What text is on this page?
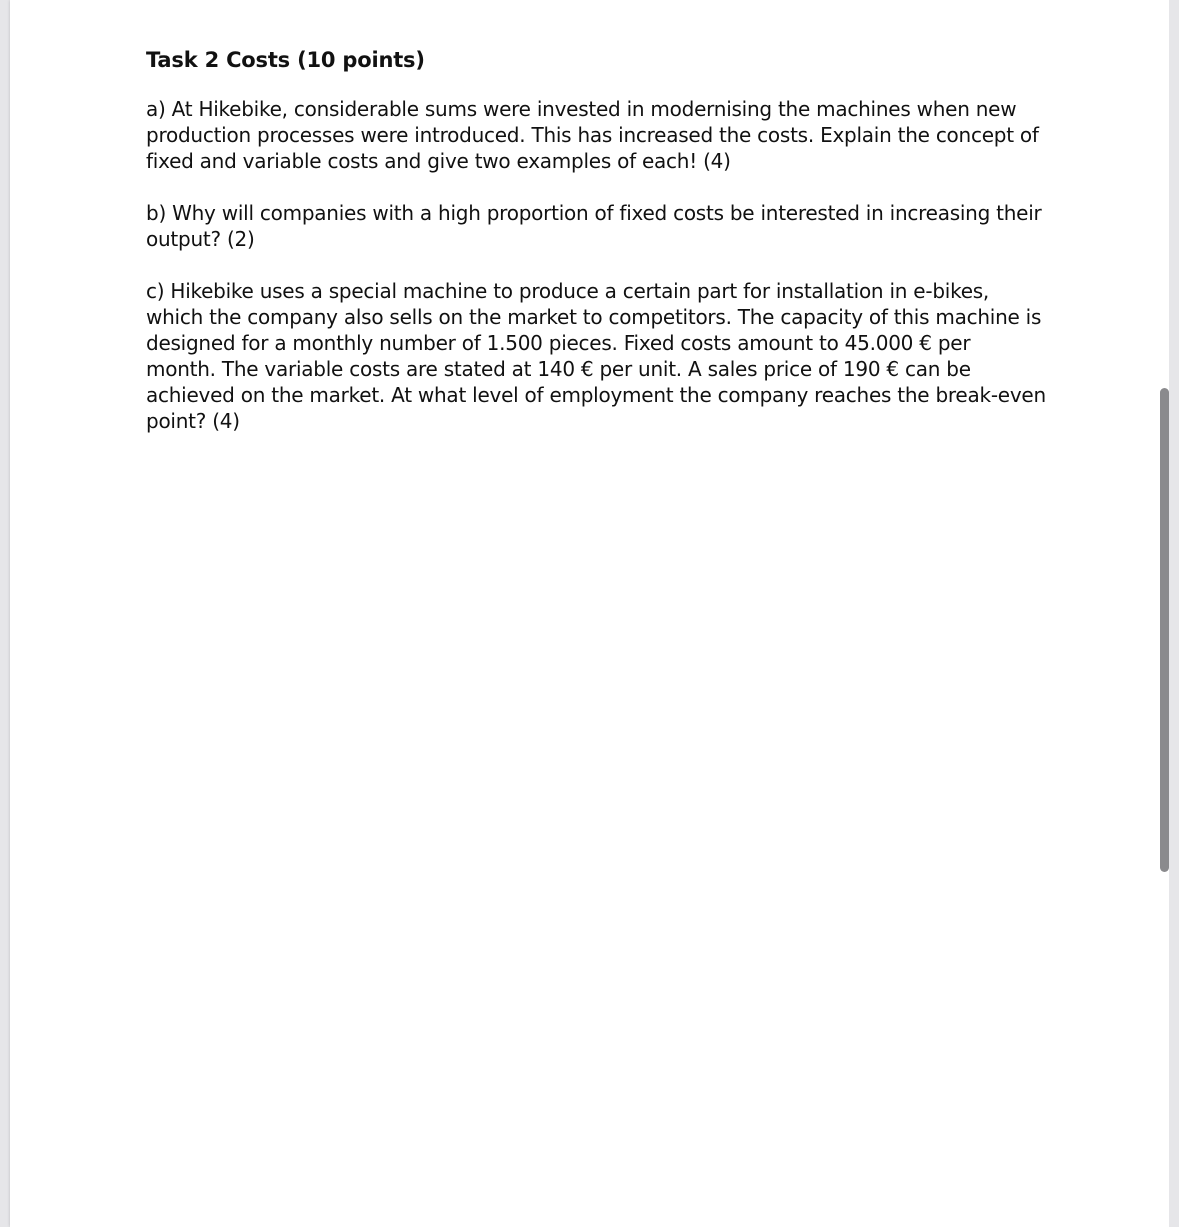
Task 2 Costs (10 points)

a) At Hikebike, considerable sums were invested in modernising the machines when new production processes were introduced. This has increased the costs. Explain the concept of fixed and variable costs and give two examples of each! (4)

b) Why will companies with a high proportion of fixed costs be interested in increasing their output? (2)

c) Hikebike uses a special machine to produce a certain part for installation in e-bikes, which the company also sells on the market to competitors. The capacity of this machine is designed for a monthly number of 1.500 pieces. Fixed costs amount to 45.000 € per month. The variable costs are stated at 140 € per unit. A sales price of 190 € can be achieved on the market. At what level of employment the company reaches the break-even point? (4)
